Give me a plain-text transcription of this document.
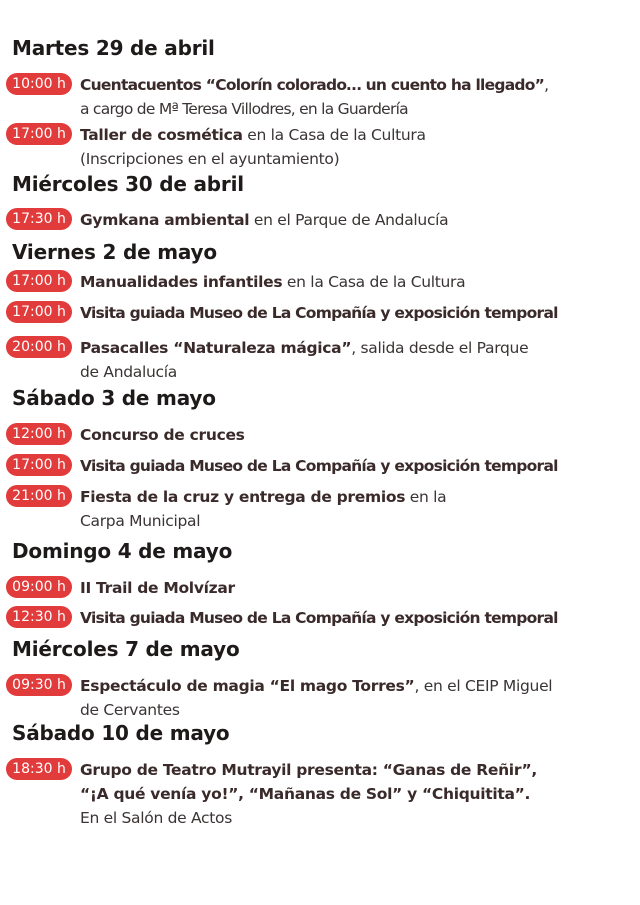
Martes 29 de abril
10:00 h Cuentacuentos “Colorín colorado… un cuento ha llegado”,
a cargo de Mª Teresa Villodres, en la Guardería
17:00 h Taller de cosmética en la Casa de la Cultura
(Inscripciones en el ayuntamiento)
Miércoles 30 de abril
17:30 h Gymkana ambiental en el Parque de Andalucía
Viernes 2 de mayo
17:00 h Manualidades infantiles en la Casa de la Cultura
17:00 h Visita guiada Museo de La Compañía y exposición temporal
20:00 h Pasacalles “Naturaleza mágica”, salida desde el Parque
de Andalucía
Sábado 3 de mayo
12:00 h Concurso de cruces
17:00 h Visita guiada Museo de La Compañía y exposición temporal
21:00 h Fiesta de la cruz y entrega de premios en la
Carpa Municipal
Domingo 4 de mayo
09:00 h II Trail de Molvízar
12:30 h Visita guiada Museo de La Compañía y exposición temporal
Miércoles 7 de mayo
09:30 h Espectáculo de magia “El mago Torres”, en el CEIP Miguel
de Cervantes
Sábado 10 de mayo
18:30 h Grupo de Teatro Mutrayil presenta: “Ganas de Reñir”,
“¡A qué venía yo!”, “Mañanas de Sol” y “Chiquitita”.
En el Salón de Actos
